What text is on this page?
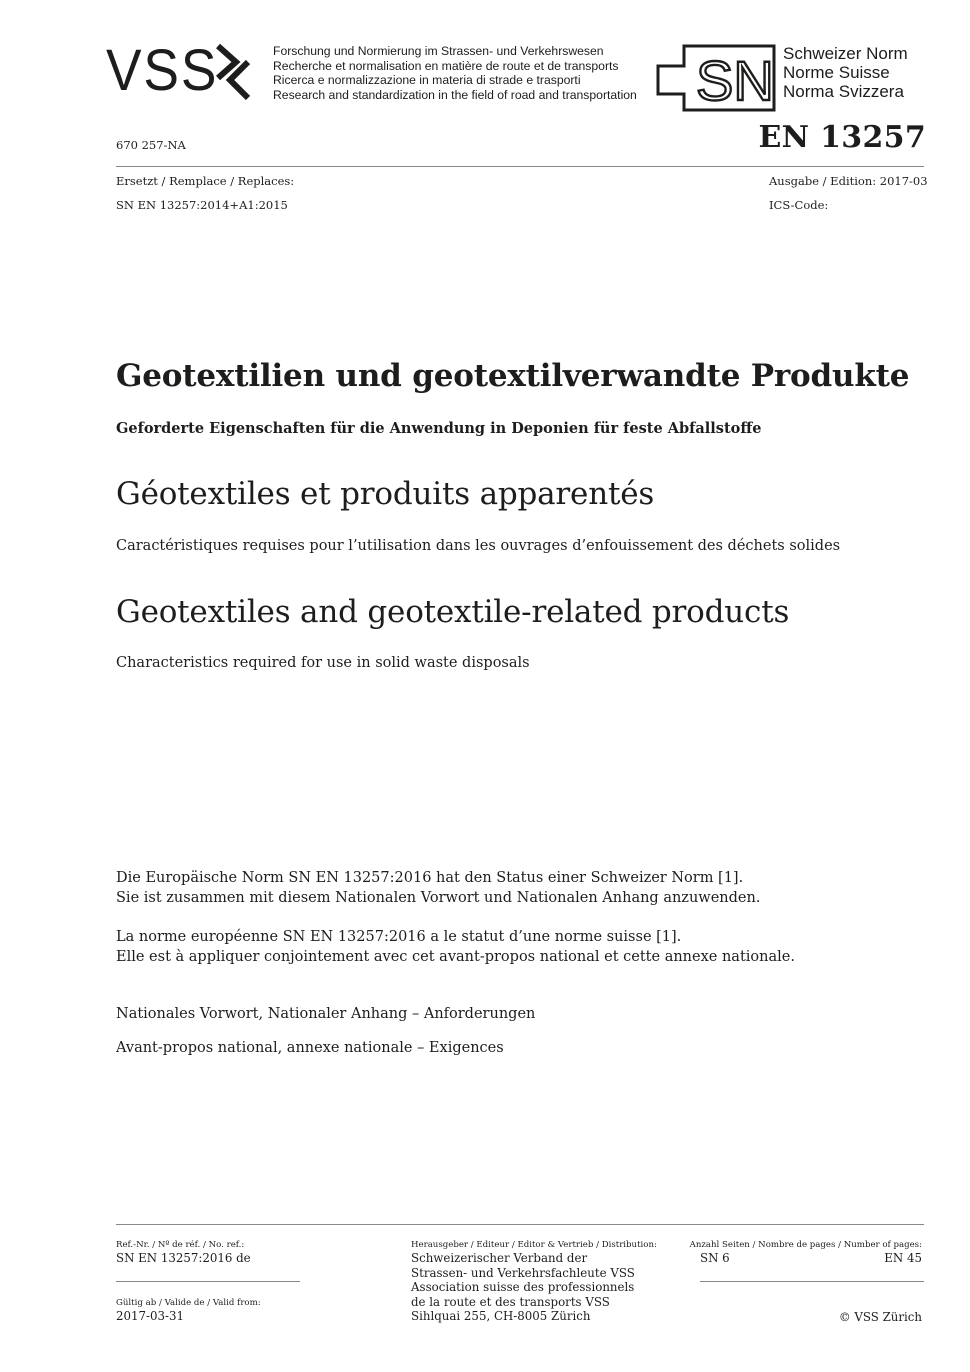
VSS	Forschung und Normierung im Strassen- und Verkehrswesen
Recherche et normalisation en matière de route et de transports
Ricerca e normalizzazione in materia di strade e trasporti
Research and standardization in the field of road and transportation SN Schweizer Norm
Norme Suisse
Norma Svizzera
670 257-NA	EN 13257
Ersetzt / Remplace / Replaces:
SN EN 13257:2014+A1:2015
Ausgabe / Edition: 2017-03
ICS-Code:
Geotextilien und geotextilverwandte Produkte
Geforderte Eigenschaften für die Anwendung in Deponien für feste Abfallstoffe
Géotextiles et produits apparentés
Caractéristiques requises pour l’utilisation dans les ouvrages d’enfouissement des déchets solides
Geotextiles and geotextile-related products
Characteristics required for use in solid waste disposals
Die Europäische Norm SN EN 13257:2016 hat den Status einer Schweizer Norm [1].
Sie ist zusammen mit diesem Nationalen Vorwort und Nationalen Anhang anzuwenden.
La norme européenne SN EN 13257:2016 a le statut d’une norme suisse [1].
Elle est à appliquer conjointement avec cet avant-propos national et cette annexe nationale.
Nationales Vorwort, Nationaler Anhang – Anforderungen
Avant-propos national, annexe nationale – Exigences
Ref.-Nr. / Nº de réf. / No. ref.:
SN EN 13257:2016 de
Gültig ab / Valide de / Valid from:
2017-03-31
Herausgeber / Editeur / Editor & Vertrieb / Distribution:
Schweizerischer Verband der
Strassen- und Verkehrsfachleute VSS
Association suisse des professionnels
de la route et des transports VSS
Sihlquai 255, CH-8005 Zürich
Anzahl Seiten / Nombre de pages / Number of pages:
SN 6	EN 45
© VSS Zürich
